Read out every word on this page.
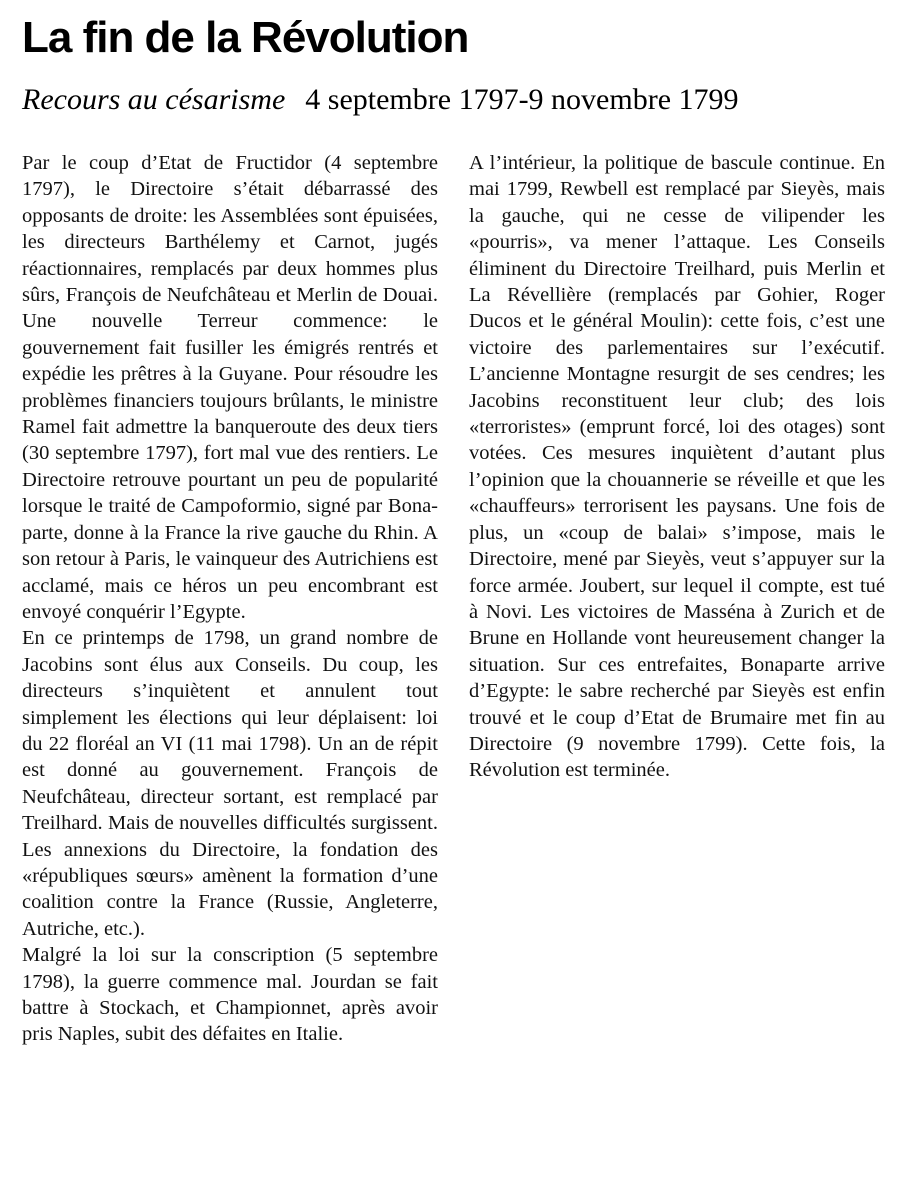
La fin de la Révolution
Recours au césarisme 4 septembre 1797-9 novembre 1799

Par le coup d’Etat de Fructidor (4 septembre 1797), le Directoire s’était débarrassé des opposants de droite: les Assemblées sont épuisées, les directeurs Barthélemy et Carnot, jugés réactionnaires, remplacés par deux hommes plus sûrs, François de Neufchâteau et Merlin de Douai. Une nouvelle Terreur commence: le gouvernement fait fusiller les émigrés rentrés et expédie les prêtres à la Guyane. Pour résoudre les problèmes financiers toujours brûlants, le ministre Ramel fait admettre la banqueroute des deux tiers (30 septembre 1797), fort mal vue des rentiers. Le Directoire retrouve pourtant un peu de popularité lorsque le traité de Campoformio, signé par Bonaparte, donne à la France la rive gauche du Rhin. A son retour à Paris, le vainqueur des Autrichiens est acclamé, mais ce héros un peu encombrant est envoyé conquérir l’Egypte.

En ce printemps de 1798, un grand nombre de Jacobins sont élus aux Conseils. Du coup, les directeurs s’inquiètent et annulent tout simplement les élections qui leur déplaisent: loi du 22 floréal an VI (11 mai 1798). Un an de répit est donné au gouvernement. François de Neufchâteau, directeur sortant, est remplacé par Treilhard. Mais de nouvelles difficultés surgissent. Les annexions du Directoire, la fondation des «républiques sœurs» amènent la formation d’une coalition contre la France (Russie, Angleterre, Autriche, etc.).

Malgré la loi sur la conscription (5 septembre 1798), la guerre commence mal. Jourdan se fait battre à Stockach, et Championnet, après avoir pris Naples, subit des défaites en Italie.

A l’intérieur, la politique de bascule continue. En mai 1799, Rewbell est remplacé par Sieyès, mais la gauche, qui ne cesse de vilipender les «pourris», va mener l’attaque. Les Conseils éliminent du Directoire Treilhard, puis Merlin et La Révellière (remplacés par Gohier, Roger Ducos et le général Moulin): cette fois, c’est une victoire des parlementaires sur l’exécutif. L’ancienne Montagne resurgit de ses cendres; les Jacobins reconstituent leur club; des lois «terroristes» (emprunt forcé, loi des otages) sont votées. Ces mesures inquiètent d’autant plus l’opinion que la chouannerie se réveille et que les «chauffeurs» terrorisent les paysans. Une fois de plus, un «coup de balai» s’impose, mais le Directoire, mené par Sieyès, veut s’appuyer sur la force armée. Joubert, sur lequel il compte, est tué à Novi. Les victoires de Masséna à Zurich et de Brune en Hollande vont heureusement changer la situation. Sur ces entrefaites, Bonaparte arrive d’Egypte: le sabre recherché par Sieyès est enfin trouvé et le coup d’Etat de Brumaire met fin au Directoire (9 novembre 1799). Cette fois, la Révolution est terminée.
